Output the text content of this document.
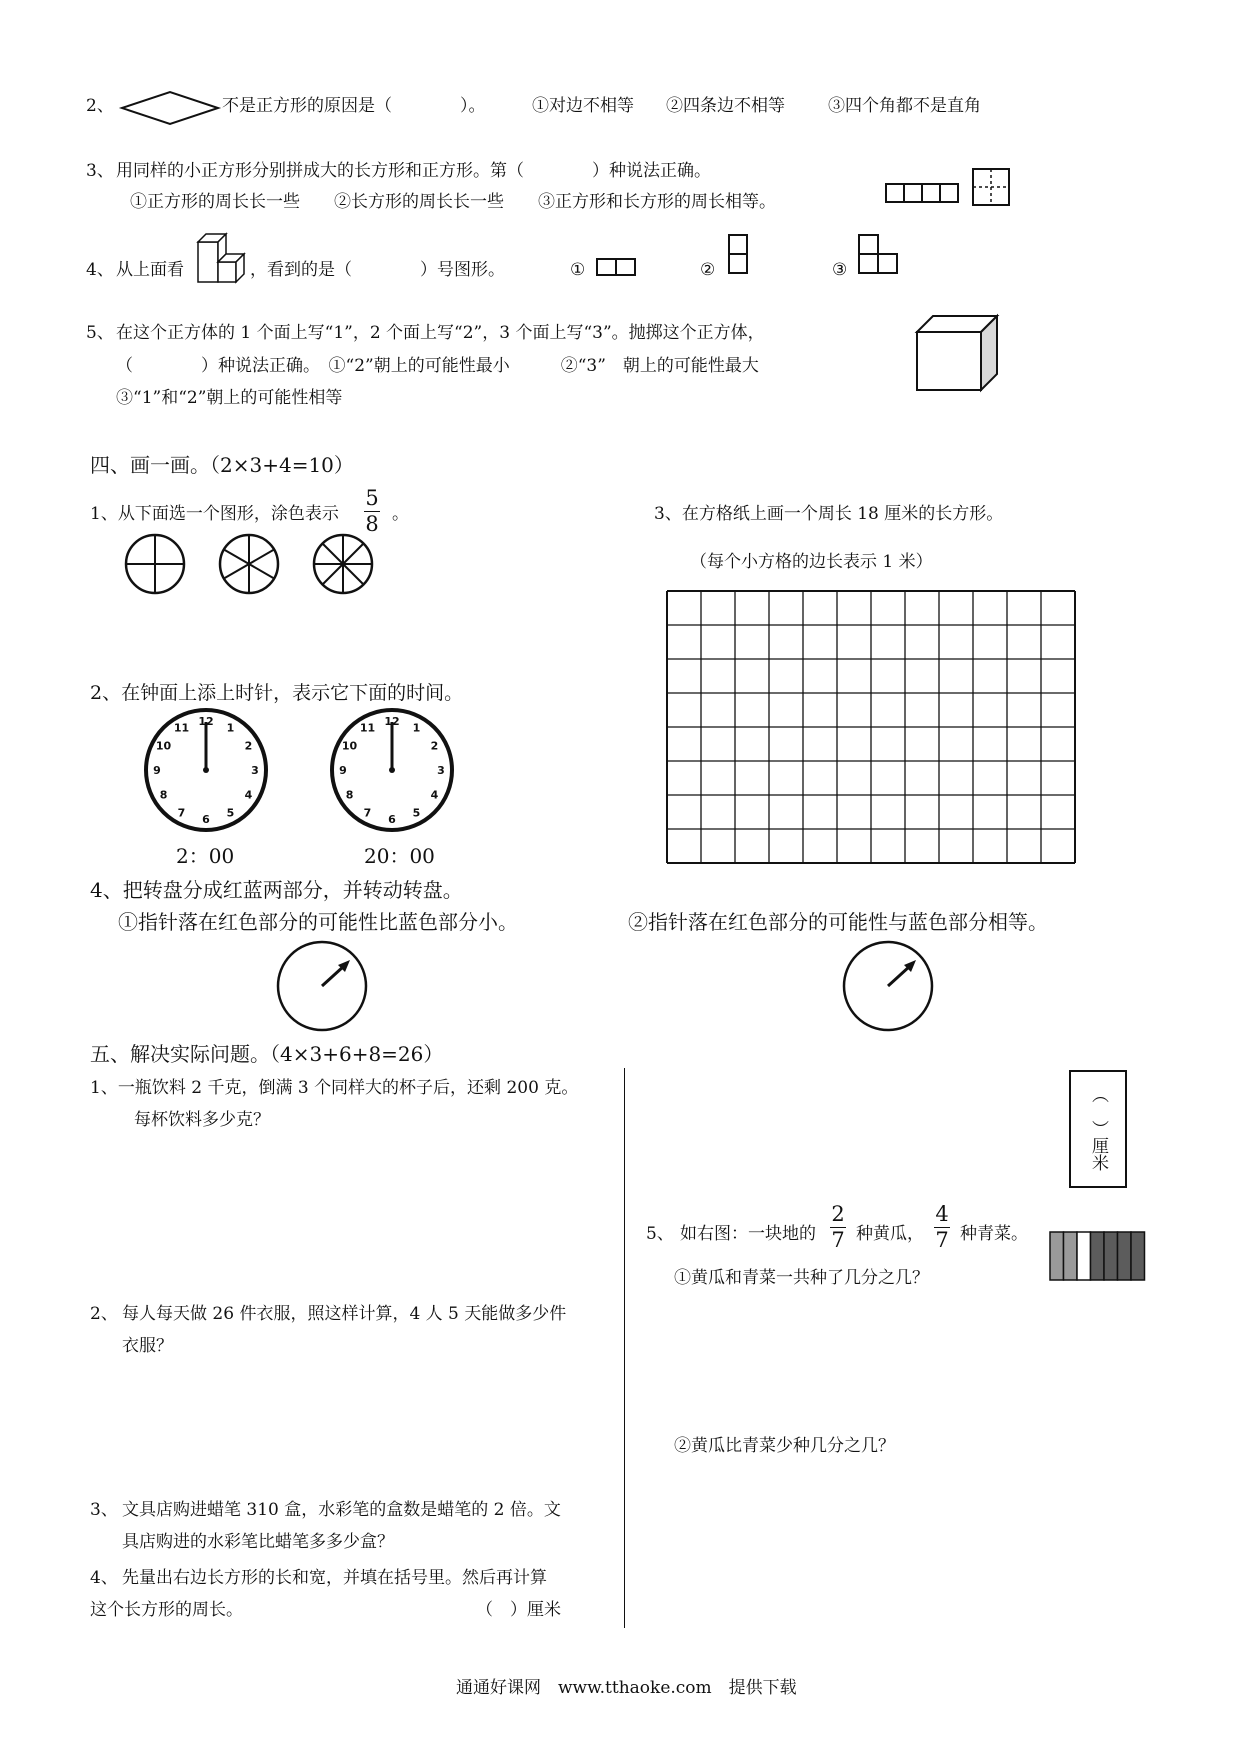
2、	不是正方形的原因是（　　　　）。	①对边不相等 ②四条边不相等	③四个角都不是直角
3、 用同样的小正方形分别拼成大的长方形和正方形。第（　　　　）种说法正确。
①正方形的周长长一些　　②长方形的周长长一些　　③正方形和长方形的周长相等。
4、 从上面看	，看到的是（　　　　）号图形。	①	②	③
5、 在这个正方体的 1 个面上写“1”，2 个面上写“2”，3 个面上写“3”。抛掷这个正方体，
（　　　　）种说法正确。　①“2”朝上的可能性最小　　　②“3”　朝上的可能性最大
③“1”和“2”朝上的可能性相等
四、画一画。（2×3+4=10）
1、从下面选一个图形，涂色表示
5
8 。	3、在方格纸上画一个周长 18 厘米的长方形。
（每个小方格的边长表示 1 米）
2、在钟面上添上时针，表示它下面的时间。
1
2
3
4
5
6
7
8
9
10
11
12
1
2
3
4
5
6
7
8
9
10
11
12
2：00	20：00
4、把转盘分成红蓝两部分，并转动转盘。
①指针落在红色部分的可能性比蓝色部分小。	②指针落在红色部分的可能性与蓝色部分相等。
五、解决实际问题。（4×3+6+8=26）
1、一瓶饮料 2 千克，倒满 3 个同样大的杯子后，还剩 200 克。
每杯饮料多少克？
2、 每人每天做 26 件衣服，照这样计算，4 人 5 天能做多少件
衣服？
3、 文具店购进蜡笔 310 盒，水彩笔的盒数是蜡笔的 2 倍。文
具店购进的水彩笔比蜡笔多多少盒？
4、 先量出右边长方形的长和宽，并填在括号里。然后再计算
这个长方形的周长。	（　）厘米
（　）厘米
5、 如右图：一块地的
2
7 种黄瓜，
4
7 种青菜。
①黄瓜和青菜一共种了几分之几？
②黄瓜比青菜少种几分之几？
通通好课网　www.tthaoke.com　提供下载
